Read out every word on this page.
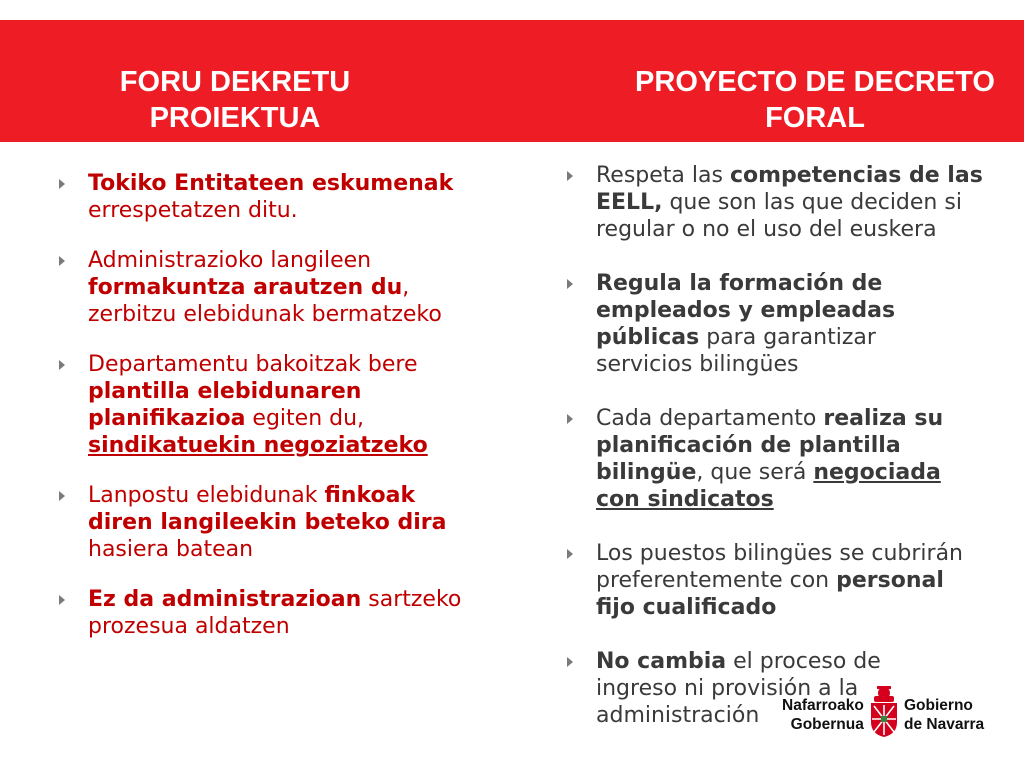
FORU DEKRETU
PROIEKTUA
PROYECTO DE DECRETO
FORAL
Tokiko Entitateen eskumenak
errespetatzen ditu.
Administrazioko langileen
formakuntza arautzen du,
zerbitzu elebidunak bermatzeko
Departamentu bakoitzak bere
plantilla elebidunaren
planifikazioa egiten du,
sindikatuekin negoziatzeko
Lanpostu elebidunak finkoak
diren langileekin beteko dira
hasiera batean
Ez da administrazioan sartzeko
prozesua aldatzen
Respeta las competencias de las
EELL, que son las que deciden si
regular o no el uso del euskera
Regula la formación de
empleados y empleadas
públicas para garantizar
servicios bilingües
Cada departamento realiza su
planificación de plantilla
bilingüe, que será negociada
con sindicatos
Los puestos bilingües se cubrirán
preferentemente con personal
fijo cualificado
No cambia el proceso de
ingreso ni provisión a la
administración	Nafarroako
Gobernua
Gobierno
de Navarra
